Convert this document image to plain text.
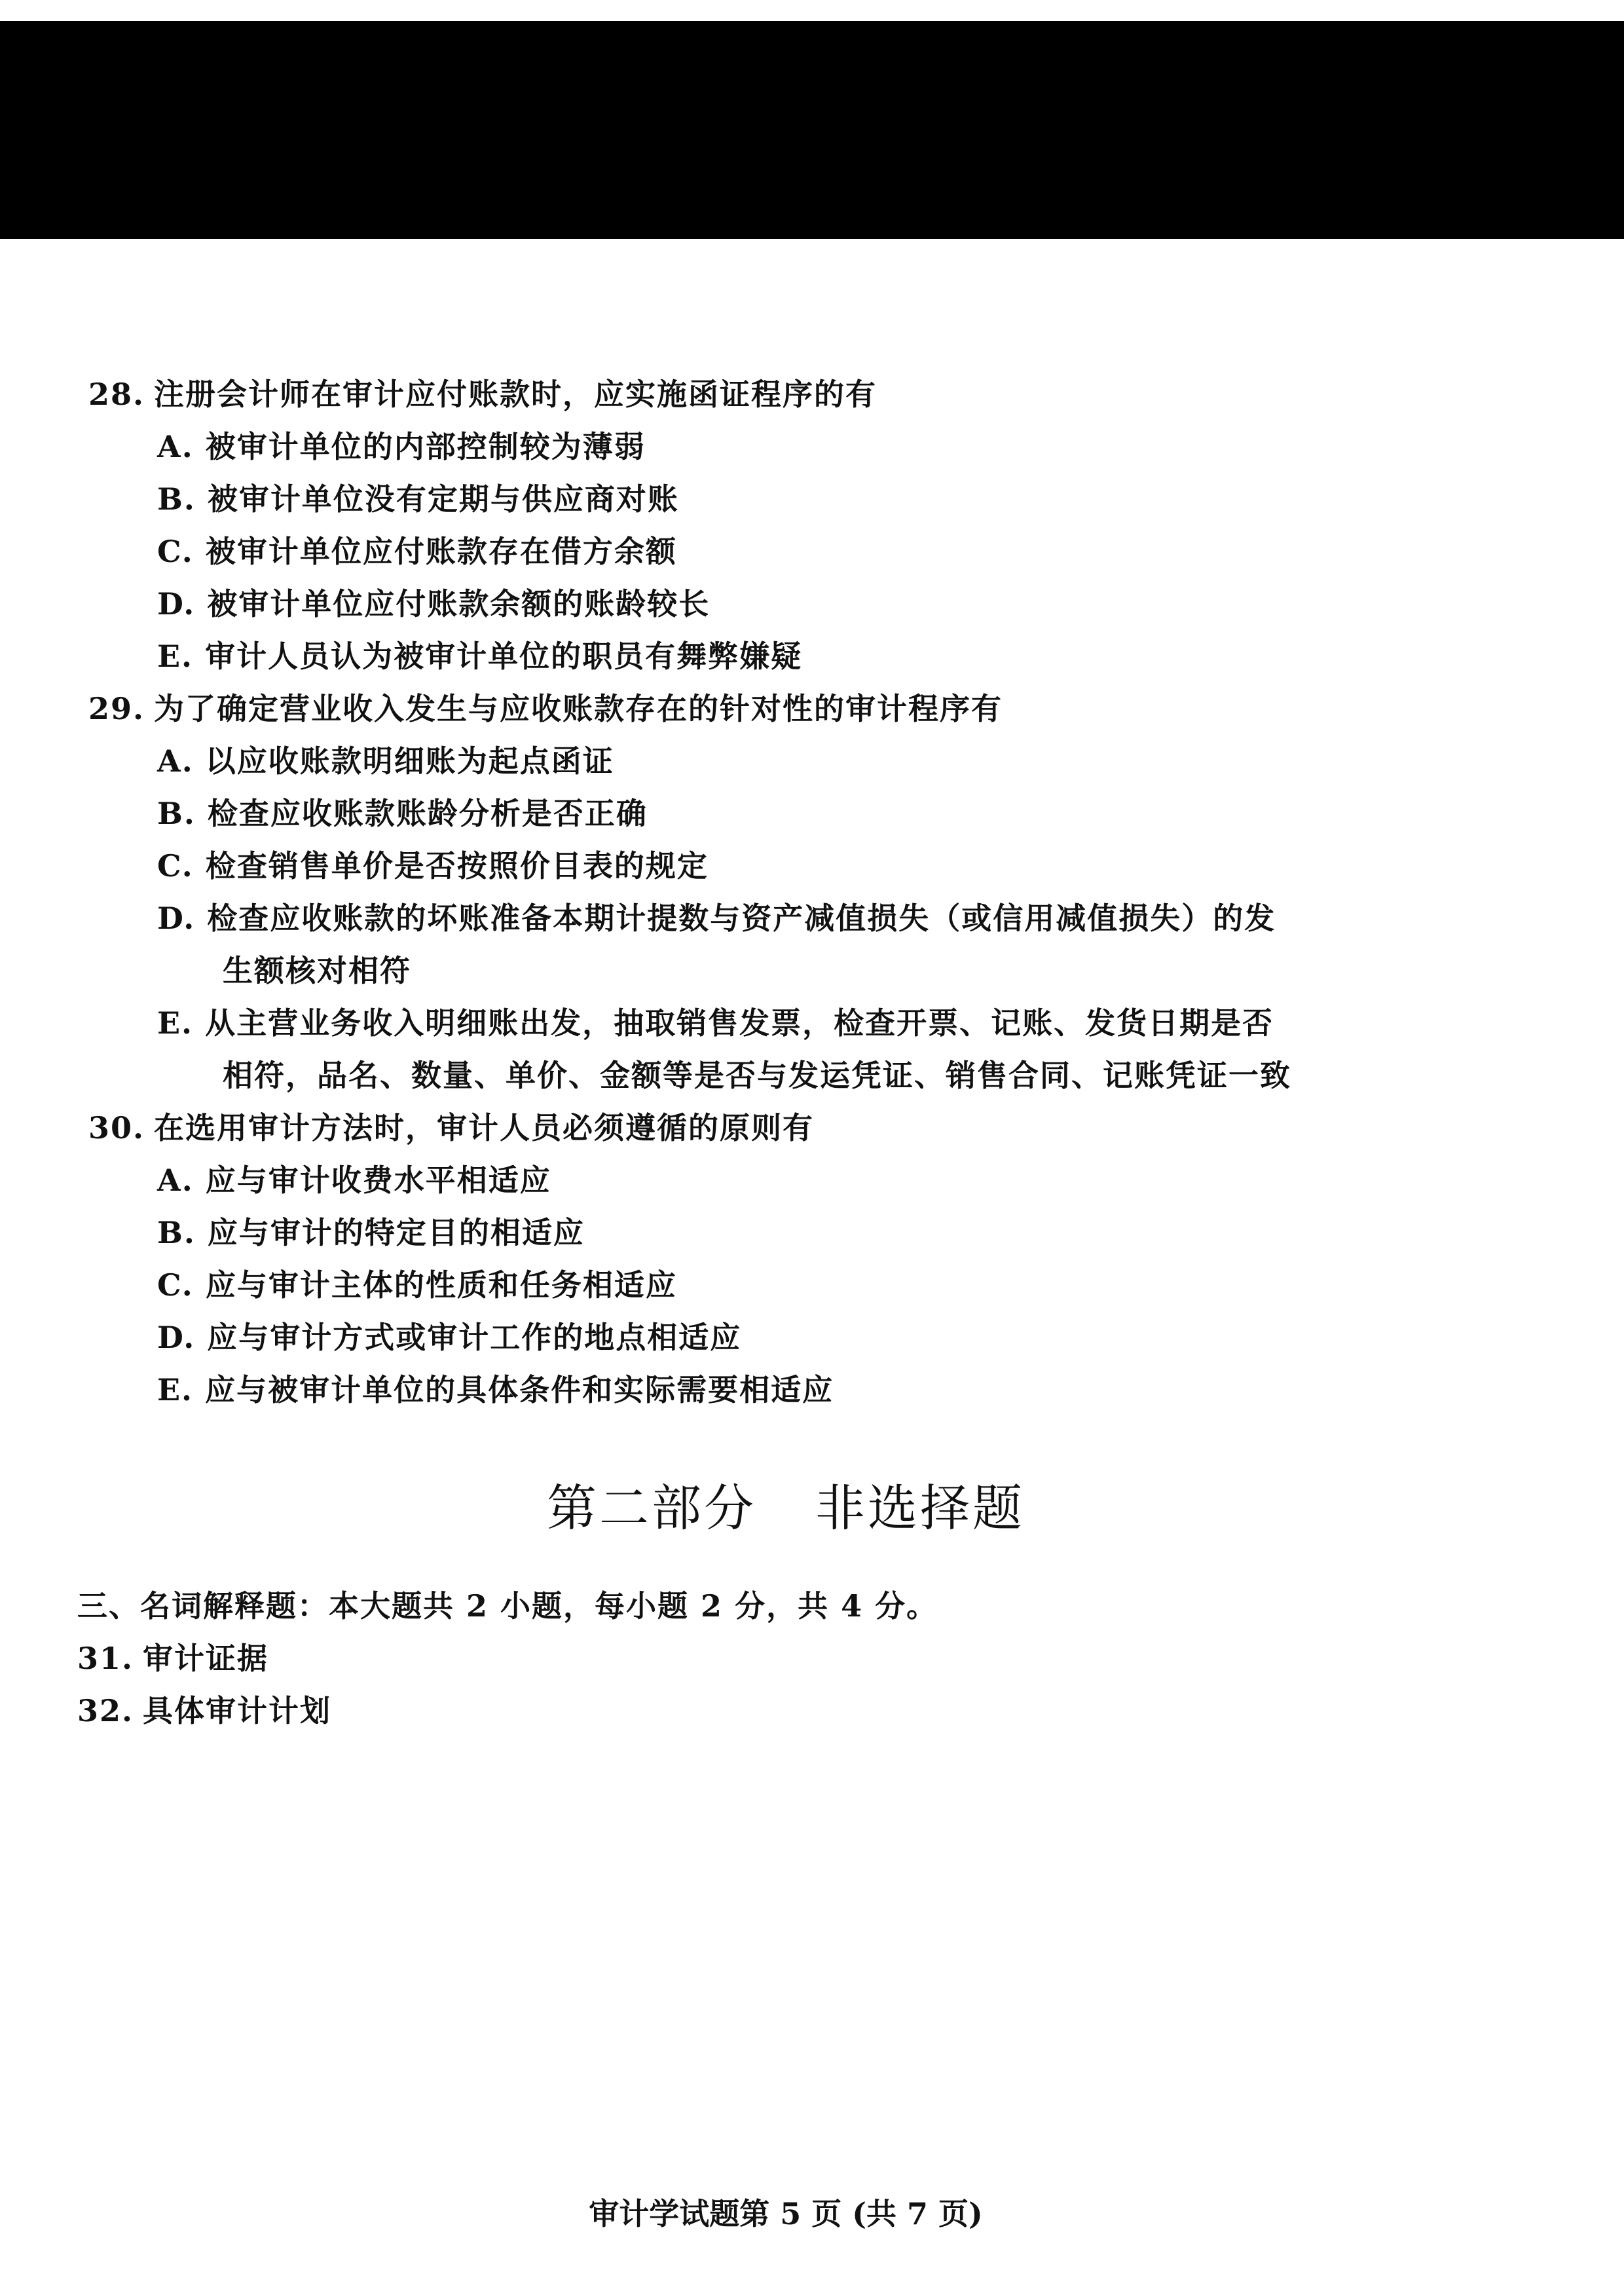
28. 注册会计师在审计应付账款时，应实施函证程序的有
A. 被审计单位的内部控制较为薄弱
B. 被审计单位没有定期与供应商对账
C. 被审计单位应付账款存在借方余额
D. 被审计单位应付账款余额的账龄较长
E. 审计人员认为被审计单位的职员有舞弊嫌疑
29. 为了确定营业收入发生与应收账款存在的针对性的审计程序有
A. 以应收账款明细账为起点函证
B. 检查应收账款账龄分析是否正确
C. 检查销售单价是否按照价目表的规定
D. 检查应收账款的坏账准备本期计提数与资产减值损失（或信用减值损失）的发
生额核对相符
E. 从主营业务收入明细账出发，抽取销售发票，检查开票、记账、发货日期是否
相符，品名、数量、单价、金额等是否与发运凭证、销售合同、记账凭证一致
30. 在选用审计方法时，审计人员必须遵循的原则有
A. 应与审计收费水平相适应
B. 应与审计的特定目的相适应
C. 应与审计主体的性质和任务相适应
D. 应与审计方式或审计工作的地点相适应
E. 应与被审计单位的具体条件和实际需要相适应
第二部分 非选择题
三、名词解释题：本大题共 2 小题，每小题 2 分，共 4 分。
31. 审计证据
32. 具体审计计划
审计学试题第 5 页 (共 7 页)
